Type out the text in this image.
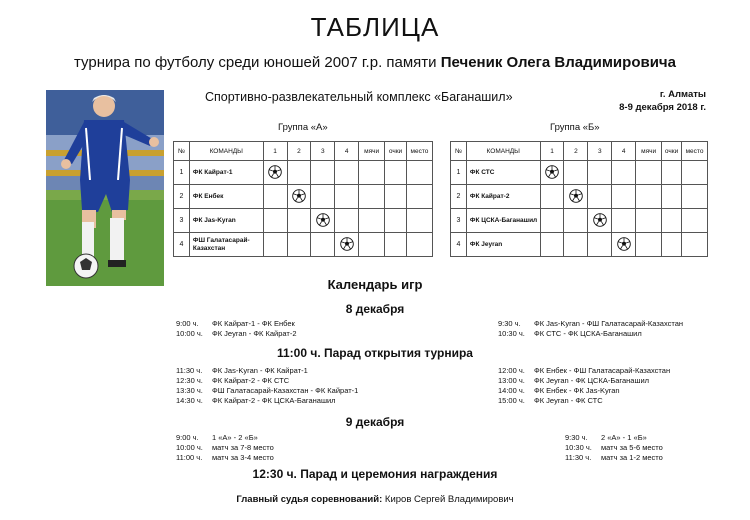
ТАБЛИЦА
турнира по футболу среди юношей 2007 г.р. памяти Печеник Олега Владимировича
Спортивно-развлекательный комплекс «Баганашил»	г. Алматы
8-9 декабря 2018 г.
Группа «А»	Группа «Б»
№	КОМАНДЫ	1	2	3	4	мячи	очки	место
1	ФК Кайрат-1							
2	ФК Енбек							
3	ФК Jas-Kyran							
4	ФШ Галатасарай-Казахстан							
№	КОМАНДЫ	1	2	3	4	мячи	очки	место
1	ФК СТС							
2	ФК Кайрат-2							
3	ФК ЦСКА-Баганашил							
4	ФК Jeyran							
Календарь игр
8 декабря
9:00 ч. ФК Кайрат-1 - ФК Енбек
10:00 ч. ФК Jeyran - ФК Кайрат-2
9:30 ч. ФК Jas-Kyran - ФШ Галатасарай-Казахстан
10:30 ч. ФК СТС - ФК ЦСКА-Баганашил
11:00 ч. Парад открытия турнира
11:30 ч. ФК Jas-Kyran - ФК Кайрат-1
12:30 ч. ФК Кайрат-2 - ФК СТС
13:30 ч. ФШ Галатасарай-Казахстан - ФК Кайрат-1
14:30 ч. ФК Кайрат-2 - ФК ЦСКА-Баганашил
12:00 ч. ФК Енбек - ФШ Галатасарай-Казахстан
13:00 ч. ФК Jeyran - ФК ЦСКА-Баганашил
14:00 ч. ФК Енбек - ФК Jas-Kyran
15:00 ч. ФК Jeyran - ФК СТС
9 декабря
9:00 ч. 1 «А» - 2 «Б»
10:00 ч. матч за 7-8 место
11:00 ч. матч за 3-4 место
9:30 ч. 2 «А» - 1 «Б»
10:30 ч. матч за 5-6 место
11:30 ч. матч за 1-2 место
12:30 ч. Парад и церемония награждения
Главный судья соревнований: Киров Сергей Владимирович
